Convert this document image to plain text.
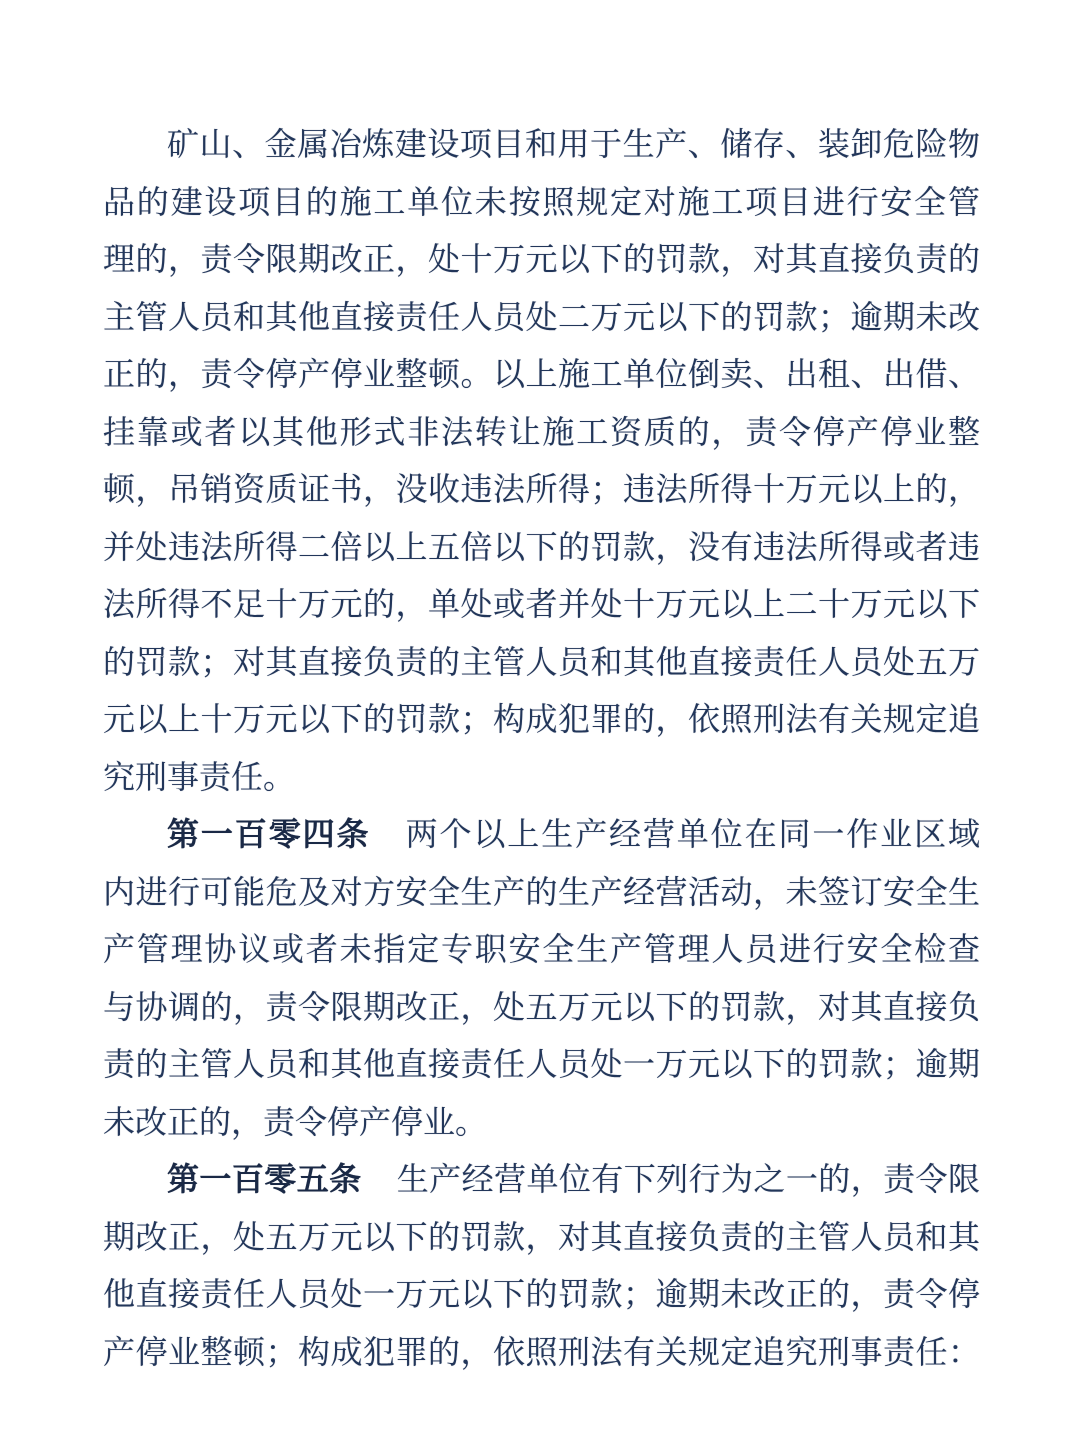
矿山、金属冶炼建设项目和用于生产、储存、装卸危险物
品的建设项目的施工单位未按照规定对施工项目进行安全管
理的，责令限期改正，处十万元以下的罚款，对其直接负责的
主管人员和其他直接责任人员处二万元以下的罚款；逾期未改
正的，责令停产停业整顿。以上施工单位倒卖、出租、出借、
挂靠或者以其他形式非法转让施工资质的，责令停产停业整
顿，吊销资质证书，没收违法所得；违法所得十万元以上的，
并处违法所得二倍以上五倍以下的罚款，没有违法所得或者违
法所得不足十万元的，单处或者并处十万元以上二十万元以下
的罚款；对其直接负责的主管人员和其他直接责任人员处五万
元以上十万元以下的罚款；构成犯罪的，依照刑法有关规定追
究刑事责任。
第一百零四条 两个以上生产经营单位在同一作业区域
内进行可能危及对方安全生产的生产经营活动，未签订安全生
产管理协议或者未指定专职安全生产管理人员进行安全检查
与协调的，责令限期改正，处五万元以下的罚款，对其直接负
责的主管人员和其他直接责任人员处一万元以下的罚款；逾期
未改正的，责令停产停业。
第一百零五条 生产经营单位有下列行为之一的，责令限
期改正，处五万元以下的罚款，对其直接负责的主管人员和其
他直接责任人员处一万元以下的罚款；逾期未改正的，责令停
产停业整顿；构成犯罪的，依照刑法有关规定追究刑事责任：
